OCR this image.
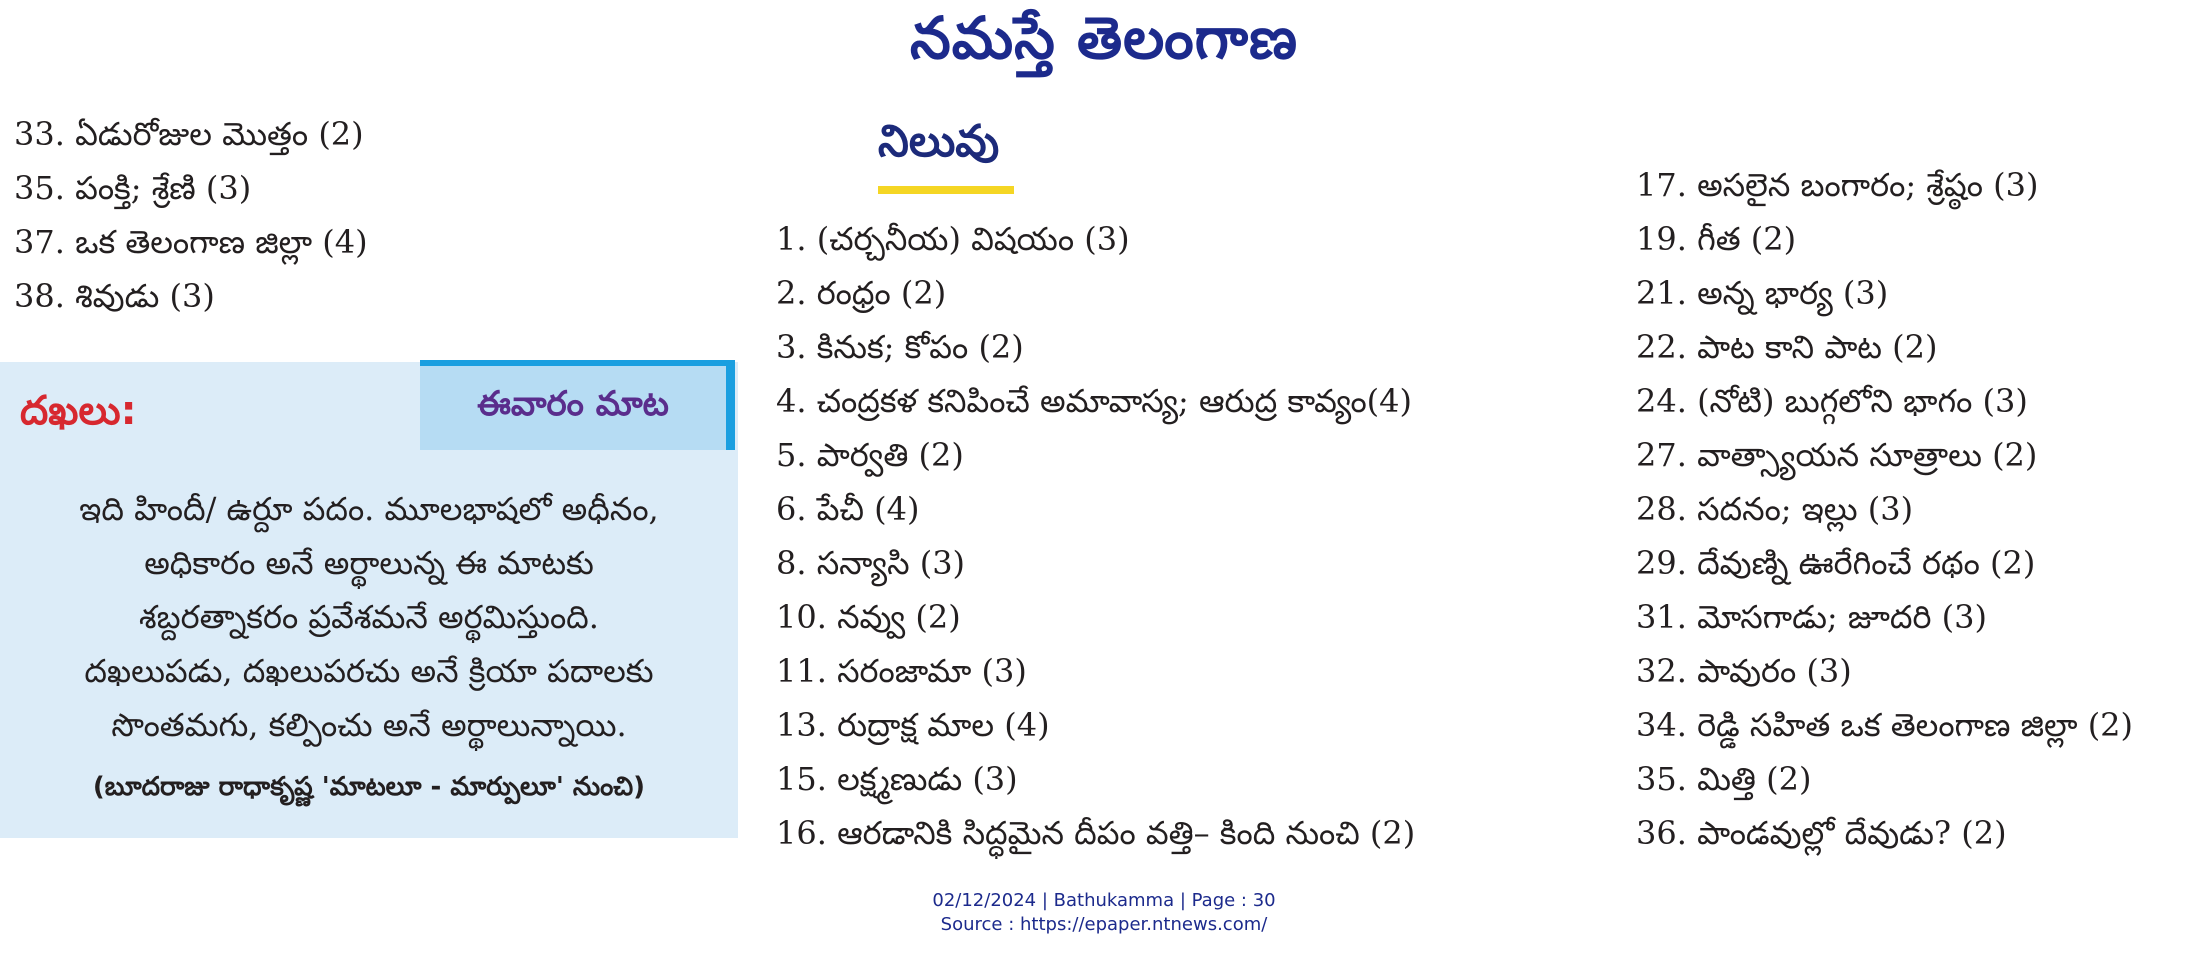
నమస్తే తెలంగాణ
33. ఏడురోజుల మొత్తం (2)
35. పంక్తి; శ్రేణి (3)
37. ఒక తెలంగాణ జిల్లా (4)
38. శివుడు (3)
ఈవారం మాట
దఖలు:
ఇది హిందీ/ ఉర్దూ పదం. మూలభాషలో అధీనం,
అధికారం అనే అర్థాలున్న ఈ మాటకు
శబ్దరత్నాకరం ప్రవేశమనే అర్థమిస్తుంది.
దఖలుపడు, దఖలుపరచు అనే క్రియా పదాలకు
సొంతమగు, కల్పించు అనే అర్థాలున్నాయి.
(బూదరాజు రాధాకృష్ణ 'మాటలూ - మార్పులూ' నుంచి)
నిలువు
1. (చర్చనీయ) విషయం (3)
2. రంధ్రం (2)
3. కినుక; కోపం (2)
4. చంద్రకళ కనిపించే అమావాస్య; ఆరుద్ర కావ్యం(4)
5. పార్వతి (2)
6. పేచీ (4)
8. సన్యాసి (3)
10. నవ్వు (2)
11. సరంజామా (3)
13. రుద్రాక్ష మాల (4)
15. లక్ష్మణుడు (3)
16. ఆరడానికి సిద్ధమైన దీపం వత్తి– కింది నుంచి (2)
17. అసలైన బంగారం; శ్రేష్ఠం (3)
19. గీత (2)
21. అన్న భార్య (3)
22. పాట కాని పాట (2)
24. (నోటి) బుగ్గలోని భాగం (3)
27. వాత్స్యాయన సూత్రాలు (2)
28. సదనం; ఇల్లు (3)
29. దేవుణ్ని ఊరేగించే రథం (2)
31. మోసగాడు; జూదరి (3)
32. పావురం (3)
34. రెడ్డి సహిత ఒక తెలంగాణ జిల్లా (2)
35. మిత్తి (2)
36. పాండవుల్లో దేవుడు? (2)
02/12/2024 | Bathukamma | Page : 30
Source : https://epaper.ntnews.com/
